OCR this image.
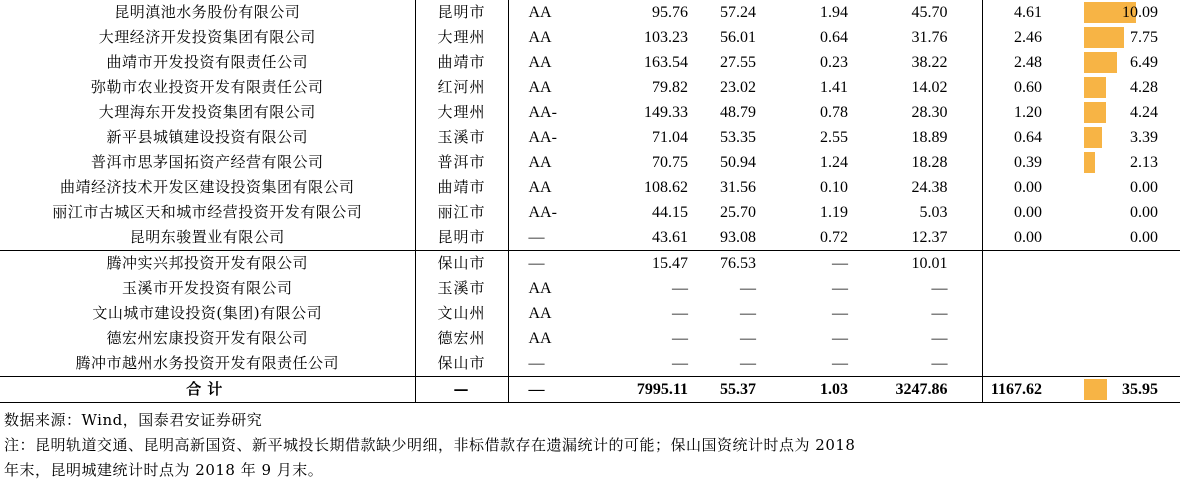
昆明滇池水务股份有限公司	昆明市	AA	95.76	57.24	1.94	45.70	4.61	10.09
大理经济开发投资集团有限公司	大理州	AA	103.23	56.01	0.64	31.76	2.46	7.75
曲靖市开发投资有限责任公司	曲靖市	AA	163.54	27.55	0.23	38.22	2.48	6.49
弥勒市农业投资开发有限责任公司	红河州	AA	79.82	23.02	1.41	14.02	0.60	4.28
大理海东开发投资集团有限公司	大理州	AA-	149.33	48.79	0.78	28.30	1.20	4.24
新平县城镇建设投资有限公司	玉溪市	AA-	71.04	53.35	2.55	18.89	0.64	3.39
普洱市思茅国拓资产经营有限公司	普洱市	AA	70.75	50.94	1.24	18.28	0.39	2.13
曲靖经济技术开发区建设投资集团有限公司	曲靖市	AA	108.62	31.56	0.10	24.38	0.00	0.00
丽江市古城区天和城市经营投资开发有限公司	丽江市	AA-	44.15	25.70	1.19	5.03	0.00	0.00
昆明东骏置业有限公司	昆明市	—	43.61	93.08	0.72	12.37	0.00	0.00
腾冲实兴邦投资开发有限公司	保山市	—	15.47	76.53	—	10.01		
玉溪市开发投资有限公司	玉溪市	AA	—	—	—	—		
文山城市建设投资(集团)有限公司	文山州	AA	—	—	—	—		
德宏州宏康投资开发有限公司	德宏州	AA	—	—	—	—		
腾冲市越州水务投资开发有限责任公司	保山市	—	—	—	—	—		
合计	—	—	7995.11	55.37	1.03	3247.86	1167.62	35.95

数据来源：Wind，国泰君安证券研究

注：昆明轨道交通、昆明高新国资、新平城投长期借款缺少明细，非标借款存在遗漏统计的可能；保山国资统计时点为 2018

年末，昆明城建统计时点为 2018 年 9 月末。
